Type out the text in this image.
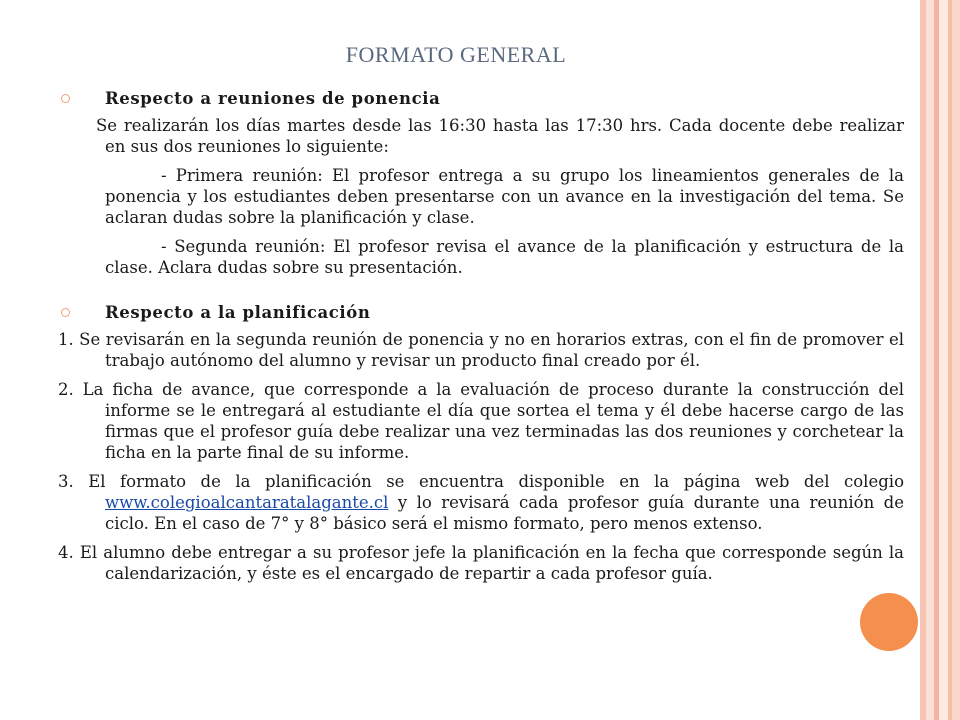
FORMATO GENERAL
Respecto a reuniones de ponencia
Se realizarán los días martes desde las 16:30 hasta las 17:30 hrs. Cada docente debe realizar en sus dos reuniones lo siguiente:
- Primera reunión: El profesor entrega a su grupo los lineamientos generales de la ponencia y los estudiantes deben presentarse con un avance en la investigación del tema. Se aclaran dudas sobre la planificación y clase.
- Segunda reunión: El profesor revisa el avance de la planificación y estructura de la clase. Aclara dudas sobre su presentación.
Respecto a la planificación
1. Se revisarán en la segunda reunión de ponencia y no en horarios extras, con el fin de promover el trabajo autónomo del alumno y revisar un producto final creado por él.
2. La ficha de avance, que corresponde a la evaluación de proceso durante la construcción del informe se le entregará al estudiante el día que sortea el tema y él debe hacerse cargo de las firmas que el profesor guía debe realizar una vez terminadas las dos reuniones y corchetear la ficha en la parte final de su informe.
3. El formato de la planificación se encuentra disponible en la página web del colegio www.colegioalcantaratalagante.cl y lo revisará cada profesor guía durante una reunión de ciclo. En el caso de 7° y 8° básico será el mismo formato, pero menos extenso.
4. El alumno debe entregar a su profesor jefe la planificación en la fecha que corresponde según la calendarización, y éste es el encargado de repartir a cada profesor guía.
